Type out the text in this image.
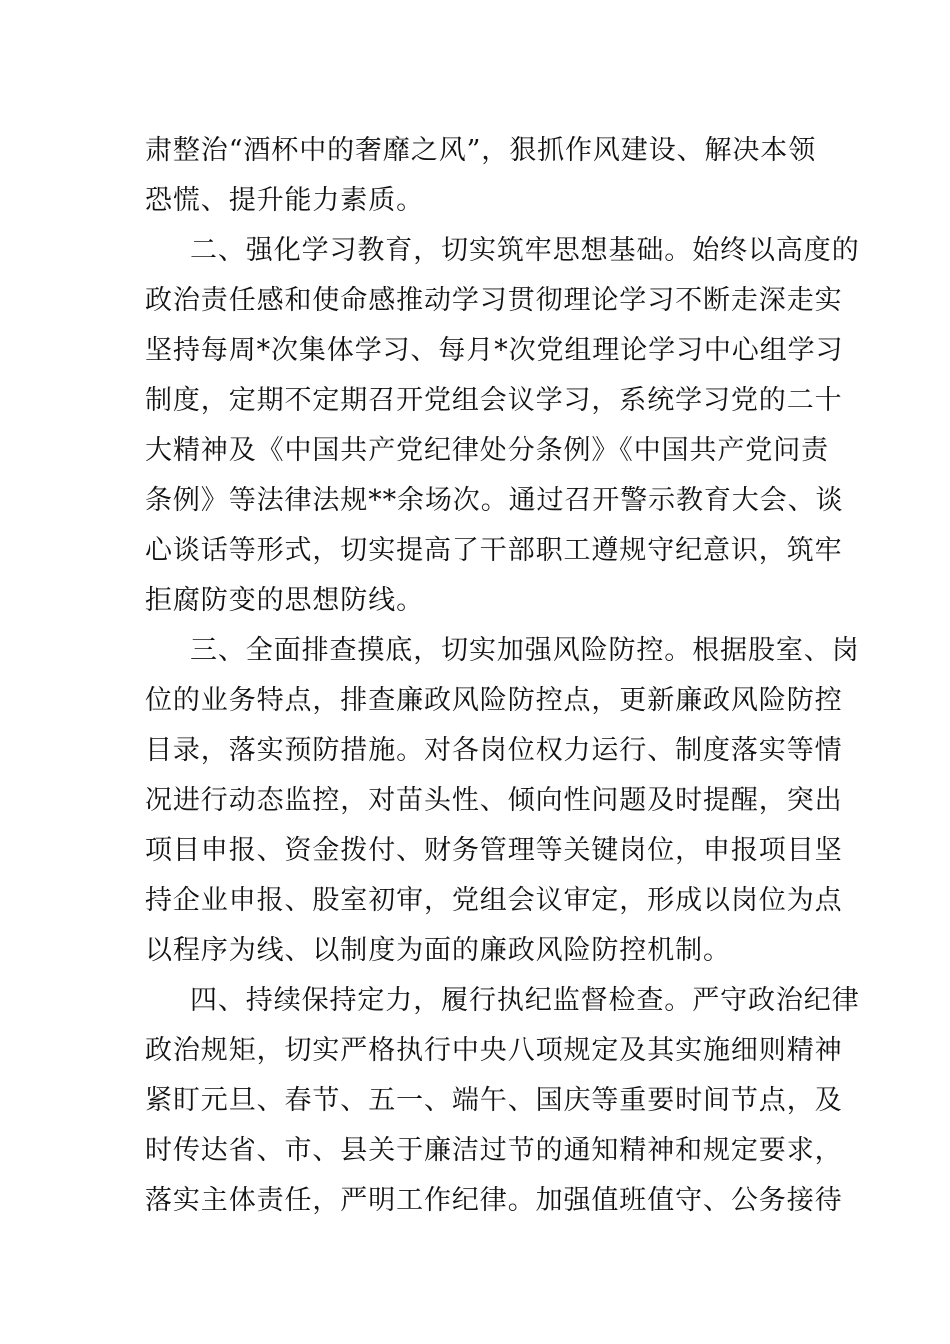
肃整治“酒杯中的奢靡之风”，狠抓作风建设、解决本领
恐慌、提升能力素质。
二、强化学习教育，切实筑牢思想基础。始终以高度的
政治责任感和使命感推动学习贯彻理论学习不断走深走实
坚持每周*次集体学习、每月*次党组理论学习中心组学习
制度，定期不定期召开党组会议学习，系统学习党的二十
大精神及《中国共产党纪律处分条例》《中国共产党问责
条例》等法律法规**余场次。通过召开警示教育大会、谈
心谈话等形式，切实提高了干部职工遵规守纪意识，筑牢
拒腐防变的思想防线。
三、全面排查摸底，切实加强风险防控。根据股室、岗
位的业务特点，排查廉政风险防控点，更新廉政风险防控
目录，落实预防措施。对各岗位权力运行、制度落实等情
况进行动态监控，对苗头性、倾向性问题及时提醒，突出
项目申报、资金拨付、财务管理等关键岗位，申报项目坚
持企业申报、股室初审，党组会议审定，形成以岗位为点
以程序为线、以制度为面的廉政风险防控机制。
四、持续保持定力，履行执纪监督检查。严守政治纪律
政治规矩，切实严格执行中央八项规定及其实施细则精神
紧盯元旦、春节、五一、端午、国庆等重要时间节点，及
时传达省、市、县关于廉洁过节的通知精神和规定要求，
落实主体责任，严明工作纪律。加强值班值守、公务接待
